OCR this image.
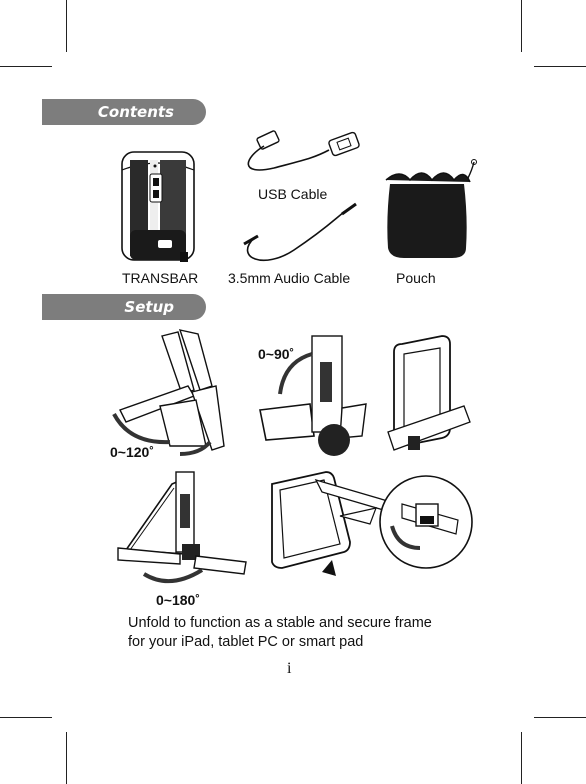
Contents
TRANSBAR
USB Cable
3.5mm Audio Cable	Pouch
Setup
0~120˚
0~90˚
0~180˚
Unfold to function as a stable and secure frame
for your iPad, tablet PC or smart pad
i
